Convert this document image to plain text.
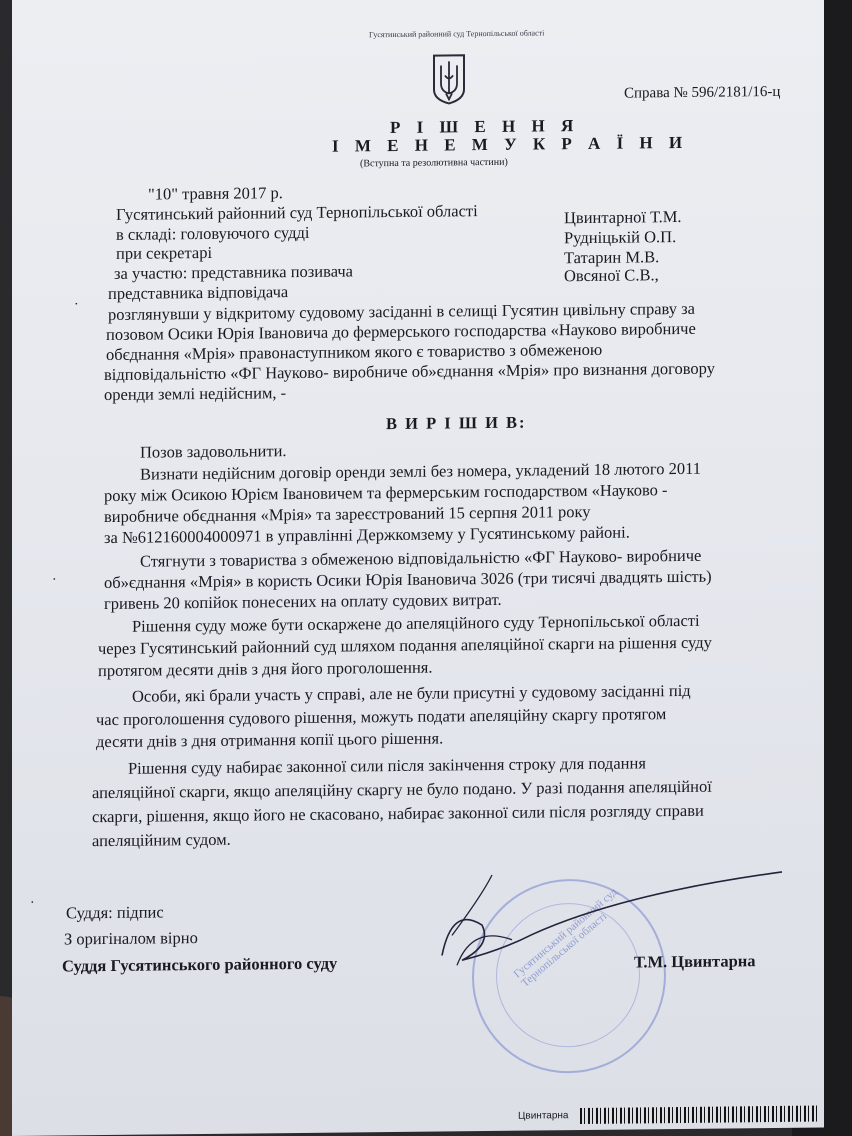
Гусятинський районний суд Тернопільської області
Справа № 596/2181/16-ц
Р І Ш Е Н Н Я
І М Е Н Е М У К Р А Ї Н И
(Вступна та резолютивна частини)
"10" травня 2017 р.
Гусятинський районний суд Тернопільської області
в складі: головуючого судді
Цвинтарної Т.М.
при секретарі
Рудніцькій О.П.
за участю: представника позивача
Татарин М.В.
представника відповідача
Овсяної С.В.,
розглянувши у відкритому судовому засіданні в селищі Гусятин цивільну справу за
позовом Осики Юрія Івановича до фермерського господарства «Науково виробниче
обєднання «Мрія» правонаступником якого є товариство з обмеженою
відповідальністю «ФГ Науково- виробниче об»єднання «Мрія» про визнання договору
оренди землі недійсним, -
В И Р І Ш И В:
Позов задовольнити.
Визнати недійсним договір оренди землі без номера, укладений 18 лютого 2011
року між Осикою Юрієм Івановичем та фермерським господарством «Науково -
виробниче обєднання «Мрія» та зареєстрований 15 серпня 2011 року
за №612160004000971 в управлінні Держкомзему у Гусятинському районі.
Стягнути з товариства з обмеженою відповідальністю «ФГ Науково- виробниче
об»єднання «Мрія» в користь Осики Юрія Івановича 3026 (три тисячі двадцять шість)
гривень 20 копійок понесених на оплату судових витрат.
Рішення суду може бути оскаржене до апеляційного суду Тернопільської області
через Гусятинський районний суд шляхом подання апеляційної скарги на рішення суду
протягом десяти днів з дня його проголошення.
Особи, які брали участь у справі, але не були присутні у судовому засіданні під
час проголошення судового рішення, можуть подати апеляційну скаргу протягом
десяти днів з дня отримання копії цього рішення.
Рішення суду набирає законної сили після закінчення строку для подання
апеляційної скарги, якщо апеляційну скаргу не було подано. У разі подання апеляційної
скарги, рішення, якщо його не скасовано, набирає законної сили після розгляду справи
апеляційним судом.
Гусятинський районний суд Тернопільської області
Суддя: підпис
З оригіналом вірно
Суддя Гусятинського районного суду	Т.М. Цвинтарна
Цвинтарна
·
·
·
